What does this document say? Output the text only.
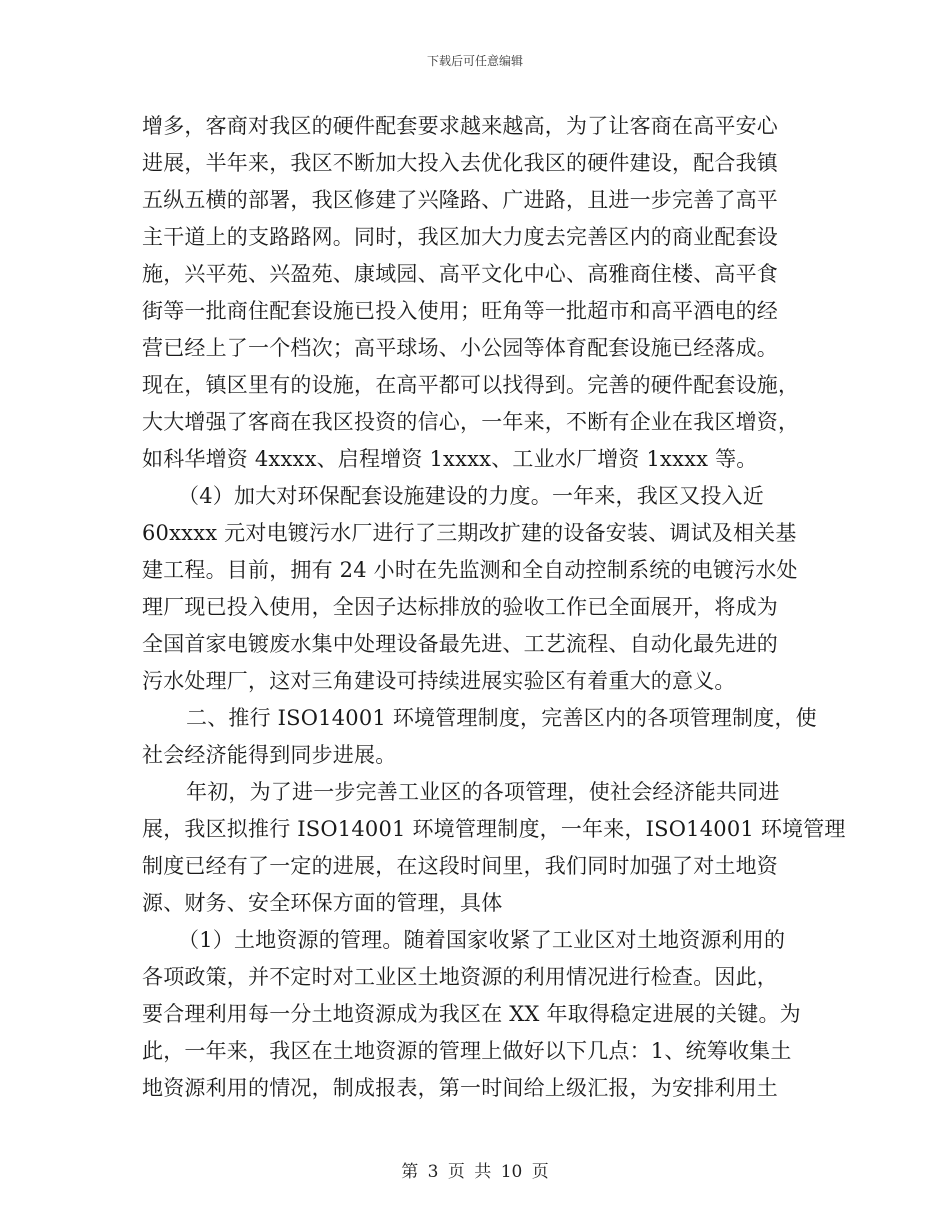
下载后可任意编辑
增多，客商对我区的硬件配套要求越来越高，为了让客商在高平安心
进展，半年来，我区不断加大投入去优化我区的硬件建设，配合我镇
五纵五横的部署，我区修建了兴隆路、广进路，且进一步完善了高平
主干道上的支路路网。同时，我区加大力度去完善区内的商业配套设
施，兴平苑、兴盈苑、康域园、高平文化中心、高雅商住楼、高平食
街等一批商住配套设施已投入使用；旺角等一批超市和高平酒电的经
营已经上了一个档次；高平球场、小公园等体育配套设施已经落成。
现在，镇区里有的设施，在高平都可以找得到。完善的硬件配套设施，
大大增强了客商在我区投资的信心，一年来，不断有企业在我区增资，
如科华增资 4xxxx、启程增资 1xxxx、工业水厂增资 1xxxx 等。
（4）加大对环保配套设施建设的力度。一年来，我区又投入近
60xxxx 元对电镀污水厂进行了三期改扩建的设备安装、调试及相关基
建工程。目前，拥有 24 小时在先监测和全自动控制系统的电镀污水处
理厂现已投入使用，全因子达标排放的验收工作已全面展开，将成为
全国首家电镀废水集中处理设备最先进、工艺流程、自动化最先进的
污水处理厂，这对三角建设可持续进展实验区有着重大的意义。
二、推行 ISO14001 环境管理制度，完善区内的各项管理制度，使
社会经济能得到同步进展。
年初，为了进一步完善工业区的各项管理，使社会经济能共同进
展，我区拟推行 ISO14001 环境管理制度，一年来，ISO14001 环境管理
制度已经有了一定的进展，在这段时间里，我们同时加强了对土地资
源、财务、安全环保方面的管理，具体
（1）土地资源的管理。随着国家收紧了工业区对土地资源利用的
各项政策，并不定时对工业区土地资源的利用情况进行检查。因此，
要合理利用每一分土地资源成为我区在 XX 年取得稳定进展的关键。为
此，一年来，我区在土地资源的管理上做好以下几点：1、统筹收集土
地资源利用的情况，制成报表，第一时间给上级汇报，为安排利用土
第 3 页 共 10 页
